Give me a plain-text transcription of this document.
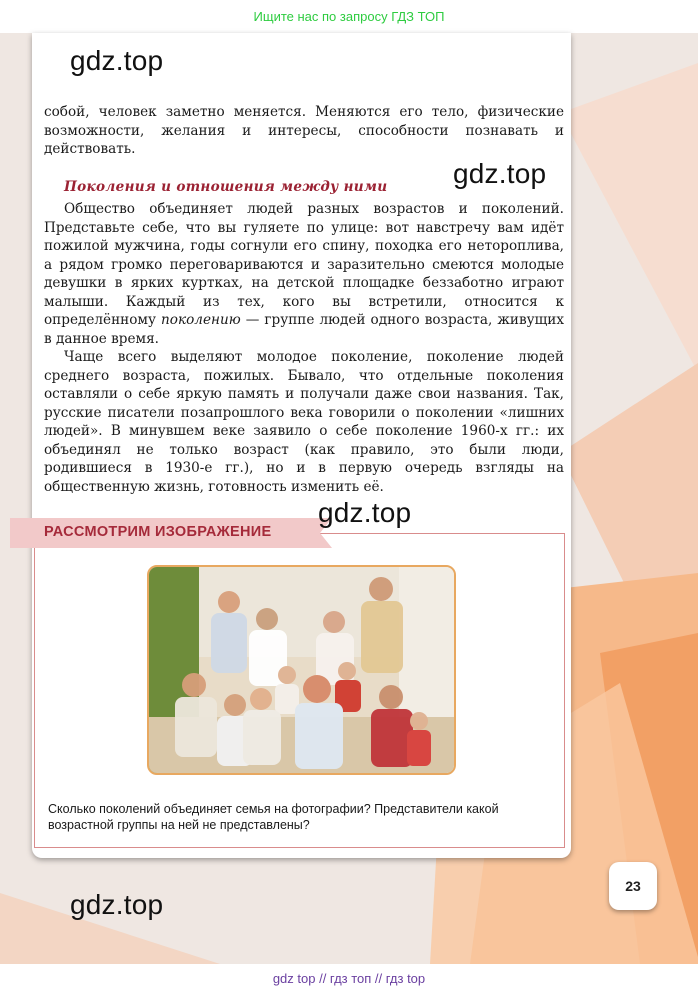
Ищите нас по запросу ГДЗ ТОП
gdz.top

собой, человек заметно меняется. Меняются его тело, физические возможности, желания и интересы, способности познавать и действовать.

gdz.top
Поколения и отношения между ними

Общество объединяет людей разных возрастов и поколений. Представьте себе, что вы гуляете по улице: вот навстречу вам идёт пожилой мужчина, годы согнули его спину, походка его неторопливa, а рядом громко переговариваются и заразительно смеются молодые девушки в ярких куртках, на детской площадке беззаботно играют малыши. Каждый из тех, кого вы встретили, относится к определённому поколению — группе людей одного возраста, живущих в данное время.

Чаще всего выделяют молодое поколение, поколение людей среднего возраста, пожилых. Бывало, что отдельные поколения оставляли о себе яркую память и получали даже свои названия. Так, русские писатели позапрошлого века говорили о поколении «лишних людей». В минувшем веке заявило о себе поколение 1960-х гг.: их объединял не только возраст (как правило, это были люди, родившиеся в 1930-е гг.), но и в первую очередь взгляды на общественную жизнь, готовность изменить её.

РАССМОТРИМ ИЗОБРАЖЕНИЕ
gdz.top
Сколько поколений объединяет семья на фотографии? Представители какой возрастной группы на ней не представлены?
23
gdz.top
gdz top // гдз топ // гдз top
